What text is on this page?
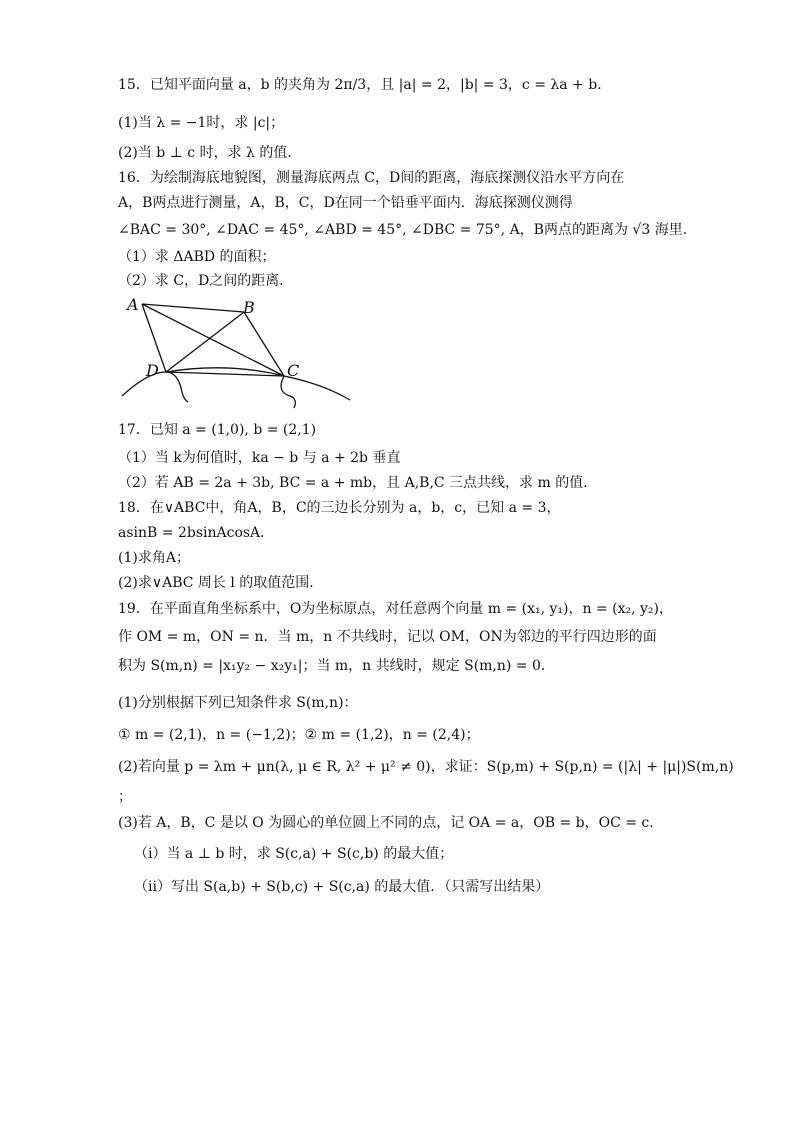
15．已知平面向量 a，b 的夹角为 2π/3，且 |a| = 2，|b| = 3，c = λa + b．
(1)当 λ = −1时，求 |c|；
(2)当 b ⊥ c 时，求 λ 的值．
16．为绘制海底地貌图，测量海底两点 C，D间的距离，海底探测仪沿水平方向在
A，B两点进行测量，A，B，C，D在同一个铅垂平面内．海底探测仪测得
∠BAC = 30°, ∠DAC = 45°, ∠ABD = 45°, ∠DBC = 75°, A，B两点的距离为 √3 海里.
（1）求 ΔABD 的面积；
（2）求 C，D之间的距离．
A	B
D	C
17．已知 a = (1,0), b = (2,1)
（1）当 k为何值时，ka − b 与 a + 2b 垂直
（2）若 AB = 2a + 3b, BC = a + mb，且 A,B,C 三点共线，求 m 的值．
18．在∨ABC中，角A，B，C的三边长分别为 a，b，c，已知 a = 3，
asinB = 2bsinAcosA．
(1)求角A；
(2)求∨ABC 周长 l 的取值范围．
19．在平面直角坐标系中，O为坐标原点，对任意两个向量 m = (x₁, y₁)，n = (x₂, y₂)，
作 OM = m，ON = n．当 m，n 不共线时，记以 OM，ON为邻边的平行四边形的面
积为 S(m,n) = |x₁y₂ − x₂y₁|；当 m，n 共线时，规定 S(m,n) = 0．
(1)分别根据下列已知条件求 S(m,n)：
① m = (2,1)，n = (−1,2)；② m = (1,2)，n = (2,4)；
(2)若向量 p = λm + μn(λ, μ ∈ R, λ² + μ² ≠ 0)，求证：S(p,m) + S(p,n) = (|λ| + |μ|)S(m,n)
；
(3)若 A，B，C 是以 O 为圆心的单位圆上不同的点，记 OA = a，OB = b，OC = c．
（i）当 a ⊥ b 时，求 S(c,a) + S(c,b) 的最大值；
（ii）写出 S(a,b) + S(b,c) + S(c,a) 的最大值．（只需写出结果）
